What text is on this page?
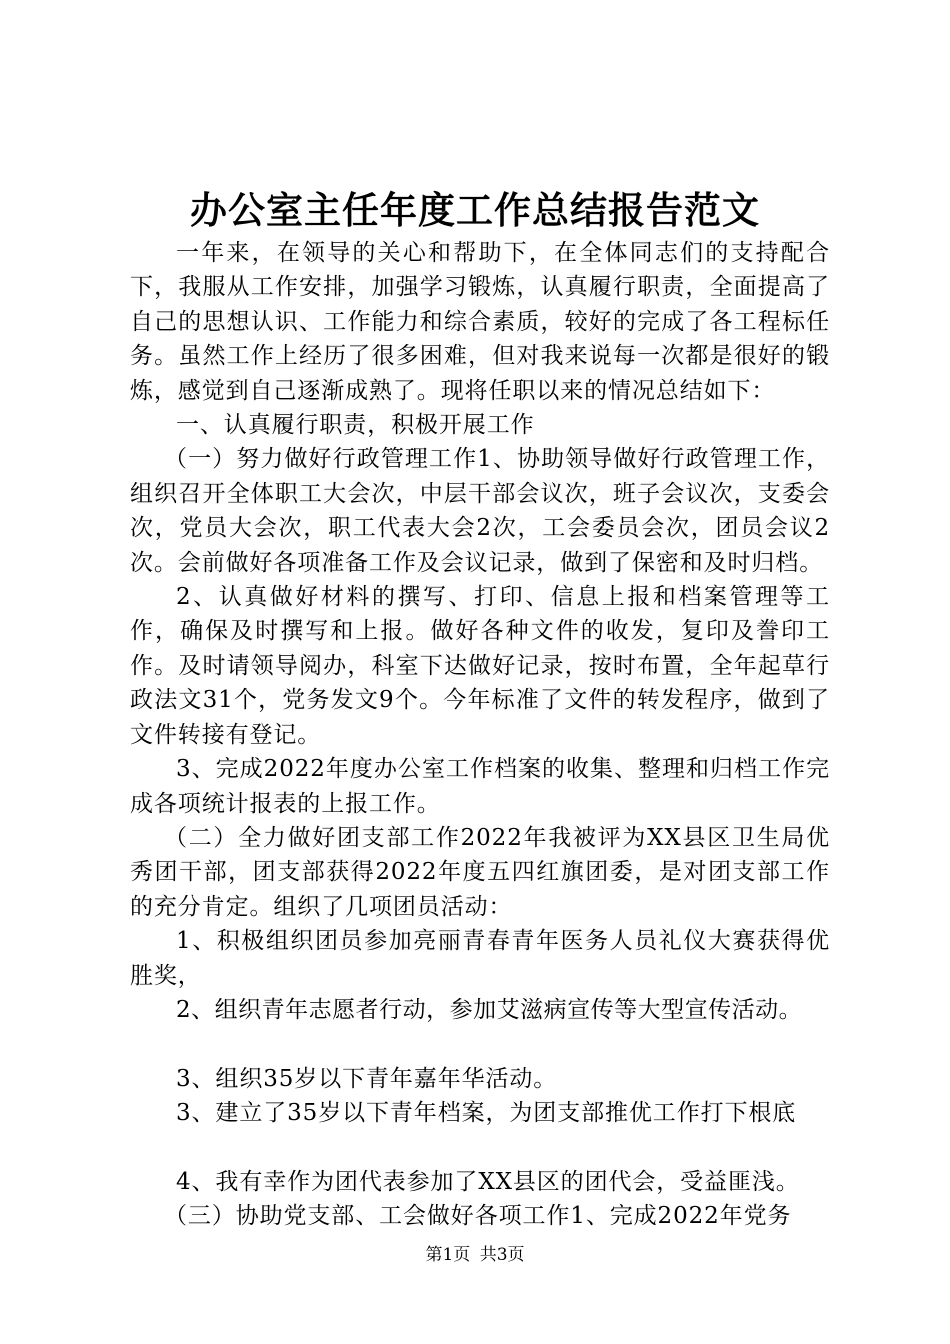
办公室主任年度工作总结报告范文

一年来，在领导的关心和帮助下，在全体同志们的支持配合下，我服从工作安排，加强学习锻炼，认真履行职责，全面提高了自己的思想认识、工作能力和综合素质，较好的完成了各工程标任务。虽然工作上经历了很多困难，但对我来说每一次都是很好的锻炼，感觉到自己逐渐成熟了。现将任职以来的情况总结如下：

一、认真履行职责，积极开展工作

（一）努力做好行政管理工作1、协助领导做好行政管理工作，组织召开全体职工大会次，中层干部会议次，班子会议次，支委会次，党员大会次，职工代表大会2次，工会委员会次，团员会议2次。会前做好各项准备工作及会议记录，做到了保密和及时归档。

2、认真做好材料的撰写、打印、信息上报和档案管理等工作，确保及时撰写和上报。做好各种文件的收发，复印及誊印工作。及时请领导阅办，科室下达做好记录，按时布置，全年起草行政法文31个，党务发文9个。今年标准了文件的转发程序，做到了文件转接有登记。

3、完成2022年度办公室工作档案的收集、整理和归档工作完成各项统计报表的上报工作。

（二）全力做好团支部工作2022年我被评为XX县区卫生局优秀团干部，团支部获得2022年度五四红旗团委，是对团支部工作的充分肯定。组织了几项团员活动：

1、积极组织团员参加亮丽青春青年医务人员礼仪大赛获得优胜奖，

2、组织青年志愿者行动，参加艾滋病宣传等大型宣传活动。

3、组织35岁以下青年嘉年华活动。

3、建立了35岁以下青年档案，为团支部推优工作打下根底

4、我有幸作为团代表参加了XX县区的团代会，受益匪浅。

（三）协助党支部、工会做好各项工作1、完成2022年党务

第1页 共3页
